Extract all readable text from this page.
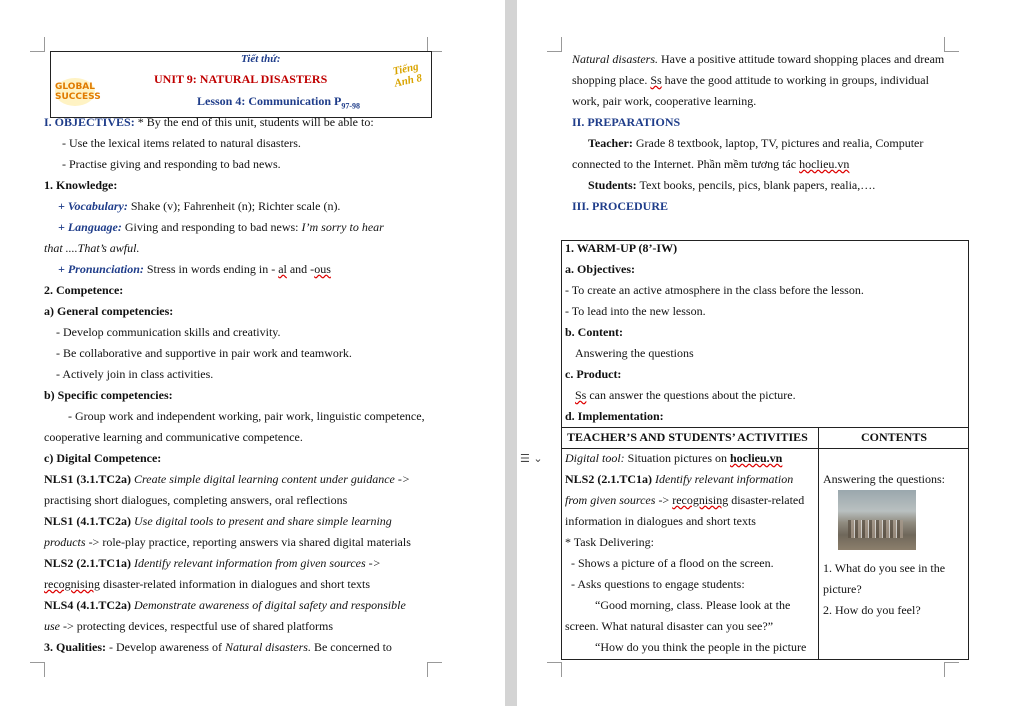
GLOBAL SUCCESS
Tiếng Anh 8
Tiết thứ:
UNIT 9: NATURAL DISASTERS
Lesson 4: Communication $P_{97-98}$
I. OBJECTIVES: * By the end of this unit, students will be able to:
- Use the lexical items related to natural disasters.
- Practise giving and responding to bad news.
1. Knowledge:
+ Vocabulary: Shake (v); Fahrenheit (n); Richter scale (n).
+ Language: Giving and responding to bad news: I’m sorry to hear
that ....That’s awful.
+ Pronunciation: Stress in words ending in - al and -ous
2. Competence:
a) General competencies:
- Develop communication skills and creativity.
- Be collaborative and supportive in pair work and teamwork.
- Actively join in class activities.
b) Specific competencies:
- Group work and independent working, pair work, linguistic competence,
cooperative learning and communicative competence.
c) Digital Competence:
NLS1 (3.1.TC2a) Create simple digital learning content under guidance ->
practising short dialogues, completing answers, oral reflections
NLS1 (4.1.TC2a) Use digital tools to present and share simple learning
products -> role-play practice, reporting answers via shared digital materials
NLS2 (2.1.TC1a) Identify relevant information from given sources ->
recognising disaster-related information in dialogues and short texts
NLS4 (4.1.TC2a) Demonstrate awareness of digital safety and responsible
use -> protecting devices, respectful use of shared platforms
3. Qualities: - Develop awareness of Natural disasters. Be concerned to
Natural disasters. Have a positive attitude toward shopping places and dream
shopping place. Ss have the good attitude to working in groups, individual
work, pair work, cooperative learning.
II. PREPARATIONS
Teacher: Grade 8 textbook, laptop, TV, pictures and realia, Computer
connected to the Internet. Phần mềm tương tác hoclieu.vn
Students: Text books, pencils, pics, blank papers, realia,….
III. PROCEDURE
1. WARM-UP (8’-IW)
a. Objectives:
- To create an active atmosphere in the class before the lesson.
- To lead into the new lesson.
b. Content:
Answering the questions
c. Product:
Ss can answer the questions about the picture.
d. Implementation:
TEACHER’S AND STUDENTS’ ACTIVITIES	CONTENTS
Digital tool: Situation pictures on hoclieu.vn
NLS2 (2.1.TC1a) Identify relevant information
from given sources -> recognising disaster-related
information in dialogues and short texts
* Task Delivering:
- Shows a picture of a flood on the screen.
- Asks questions to engage students:
“Good morning, class. Please look at the
screen. What natural disaster can you see?”
“How do you think the people in the picture
Answering the questions:
1. What do you see in the
picture?
2. How do you feel?
☰ ⌄
